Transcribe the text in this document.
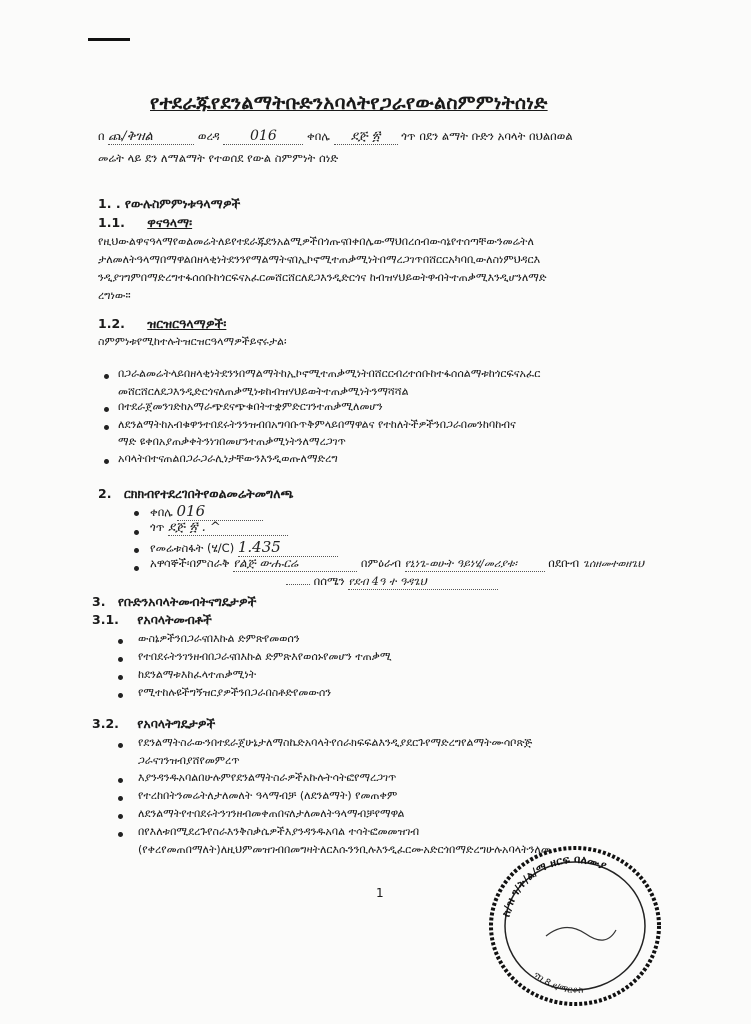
የተደራጁየደንልማትቡድንአባላትየጋራየውልስምምነትሰነድ
በ ጨ/ቅዝል	ወረዳ 016	ቀበሌ ደጅ ፳ ጎጥ በደን ልማት ቡድን አባላት በህልበወል
መሬት ላይ ደን ለማልማት የተወሰደ የውል ስምምነት ሰነድ
1. . የውሉስምምነቱዓላማዎች
1.1. ዋናዓላማ፡
የዚህውልዋናዓላማየወልመሬትለይየተደራጁደንአልሚዎችበጎጡናበቀበሌውማህበረሰብውሳኔየተሰጣቸውንመሬትለ
ታለመለትዓላማበማዋልበዘላቂነትደንንየማልማትናበኢኮኖሚተጠቃሚነትበማረጋገጥበሸርርአካባቢውለስነምህዳርእ
ንዲያገግምበማድረግተፋሰሰቡከጎርፍናአፈርመሸርሸርለደጋእንዲድርጎና ከብዝሃህይወትዋብትተጠቃሚእንዲሆንለማድ
ረግነው።
1.2. ዝርዝርዓላማዎች፡
ስምምነቱየሚከተሉትዝርዝርዓላማዎችይኖሩታል፡
በጋራልመሬትላይበዘላቂነትደንንበማልማትከኢኮኖሚተጠቃሚነትበሸርርብረተሰቡከተፋሰሰልማቱከጎርፍናአፈር
መሸርሸርለደጋእንዲድርጎናለጠቃሚነቱከብዝሃህይወትተጠቃሚነትንማሻሻል
በተደራጀመንገድከአማራጭደናጭቁበትተቋምድርገንተጠቃሚለመሆን
ለደንልማትከአብቁዋንተበደሩትንንዝብበአግባቡጥቅምላይበማዋልና የተከለትችዎችንበጋራበመንከባከብና
ማድ ዩቀበአያጠቃቀትንነገበመሆንተጠቃሚነትንለማረጋገጥ
አባላትበተናጠልበጋራጋራሊነታቸውንእንዲወጡለማድረግ
2. ርክክብየተደረገበትየወልመሬትመግለጫ
ቀበሌ 016
ጎጥ ደጅ ፳ . ^
የመሬቱስፋት (ሄ/C) 1.435
አዋሳኞች፡በምስራቅ የልጅ ውሑርሬ	በምዕራብ የኒነጌ-ወሁት ዓይነሄ/መሪያቱ፡	በደቡብ ጌሰዘመተወዘጌህ
በሰሜን የደብ 4ዓ ተ ዓዳጌህ
3. የቡድንአባላትመብትናግዴታዎች
3.1. የአባላትመብቶች
ውስኔዎችንበጋራናበእኩል ድምጽየመወሰን
የተበደሩትንገንዘብበጋራናበእኩል ድምጽእየወሰኑየመሆን ተጠቃሚ
ከደንልማቱእከፈላተጠቃሚነት
የሚተከሉዩችግኝዝርያዎችንበጋራበስቶድየመውሰን
3.2. የአባላትግዴታዎች
የደንልማትስራውንበተደራጀሁኔታለማስኬድአባላትየሰራክፍፍልእንዲያደርጉየማድረግየልማትሙሳቦጽጅ
ጋራናገንዝብያሸየመምረጥ
እያንዳንዱአባልበሁሉምየደንልማትስራዎችአኩሉትሳትፎየማረጋገጥ
የተረከበትንመሬትለታለመለት ዓላማብቻ (ለደንልማት) የመጠቀም
ለደንልማትየተበደሩትንገንዘብመቀጠበናለታለመለትዓላማብቻየማዋል
በየእለቱበሚደረጉየስራእንቅስቃሴዎችእያንዳንዱአባል ተሳትፎመመዝገብ
(የቀረየመጠበማለት)ለዚህምመዝገብበመግዛትለርእሱንንቢሉእንዲፈርሙአድርጎበማድረግሁሉአባላትንለመ
1
ስ/ዝ ገ/ት/ል/ማ ዘርፍ ባለሙያ
ኖበ 8 ደ/ማርቆስ
